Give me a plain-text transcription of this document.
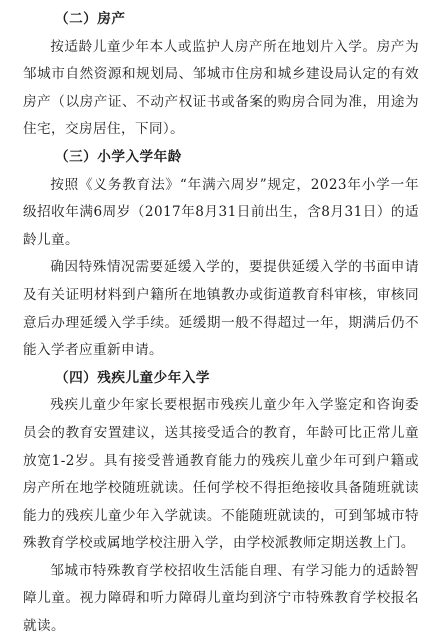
（二）房产

按适龄儿童少年本人或监护人房产所在地划片入学。房产为邹城市自然资源和规划局、邹城市住房和城乡建设局认定的有效房产（以房产证、不动产权证书或备案的购房合同为准，用途为住宅，交房居住，下同）。

（三）小学入学年龄

按照《义务教育法》“年满六周岁”规定，2023年小学一年级招收年满6周岁（2017年8月31日前出生，含8月31日）的适龄儿童。

确因特殊情况需要延缓入学的，要提供延缓入学的书面申请及有关证明材料到户籍所在地镇教办或街道教育科审核，审核同意后办理延缓入学手续。延缓期一般不得超过一年，期满后仍不能入学者应重新申请。

（四）残疾儿童少年入学

残疾儿童少年家长要根据市残疾儿童少年入学鉴定和咨询委员会的教育安置建议，送其接受适合的教育，年龄可比正常儿童放宽1-2岁。具有接受普通教育能力的残疾儿童少年可到户籍或房产所在地学校随班就读。任何学校不得拒绝接收具备随班就读能力的残疾儿童少年入学就读。不能随班就读的，可到邹城市特殊教育学校或属地学校注册入学，由学校派教师定期送教上门。

邹城市特殊教育学校招收生活能自理、有学习能力的适龄智障儿童。视力障碍和听力障碍儿童均到济宁市特殊教育学校报名就读。
